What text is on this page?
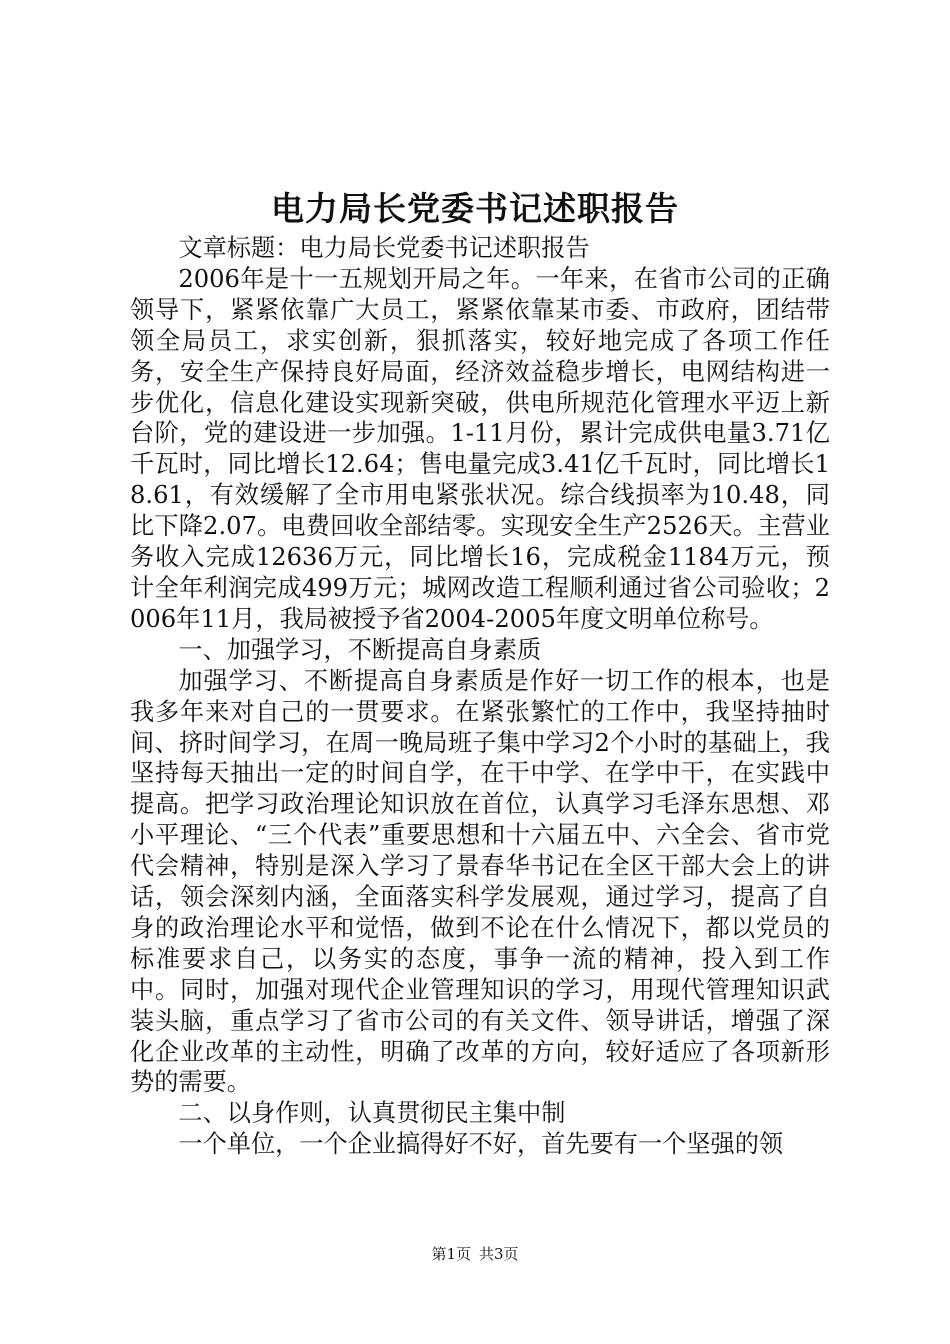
电力局长党委书记述职报告

文章标题：电力局长党委书记述职报告

2006年是十一五规划开局之年。一年来，在省市公司的正确领导下，紧紧依靠广大员工，紧紧依靠某市委、市政府，团结带领全局员工，求实创新，狠抓落实，较好地完成了各项工作任务，安全生产保持良好局面，经济效益稳步增长，电网结构进一步优化，信息化建设实现新突破，供电所规范化管理水平迈上新台阶，党的建设进一步加强。1-11月份，累计完成供电量3.71亿千瓦时，同比增长12.64；售电量完成3.41亿千瓦时，同比增长18.61，有效缓解了全市用电紧张状况。综合线损率为10.48，同比下降2.07。电费回收全部结零。实现安全生产2526天。主营业务收入完成12636万元，同比增长16，完成税金1184万元，预计全年利润完成499万元；城网改造工程顺利通过省公司验收；2006年11月，我局被授予省2004-2005年度文明单位称号。

一、加强学习，不断提高自身素质

加强学习、不断提高自身素质是作好一切工作的根本，也是我多年来对自己的一贯要求。在紧张繁忙的工作中，我坚持抽时间、挤时间学习，在周一晚局班子集中学习2个小时的基础上，我坚持每天抽出一定的时间自学，在干中学、在学中干，在实践中提高。把学习政治理论知识放在首位，认真学习毛泽东思想、邓小平理论、“三个代表”重要思想和十六届五中、六全会、省市党代会精神，特别是深入学习了景春华书记在全区干部大会上的讲话，领会深刻内涵，全面落实科学发展观，通过学习，提高了自身的政治理论水平和觉悟，做到不论在什么情况下，都以党员的标准要求自己，以务实的态度，事争一流的精神，投入到工作中。同时，加强对现代企业管理知识的学习，用现代管理知识武装头脑，重点学习了省市公司的有关文件、领导讲话，增强了深化企业改革的主动性，明确了改革的方向，较好适应了各项新形势的需要。

二、以身作则，认真贯彻民主集中制

一个单位，一个企业搞得好不好，首先要有一个坚强的领

第1页 共3页
